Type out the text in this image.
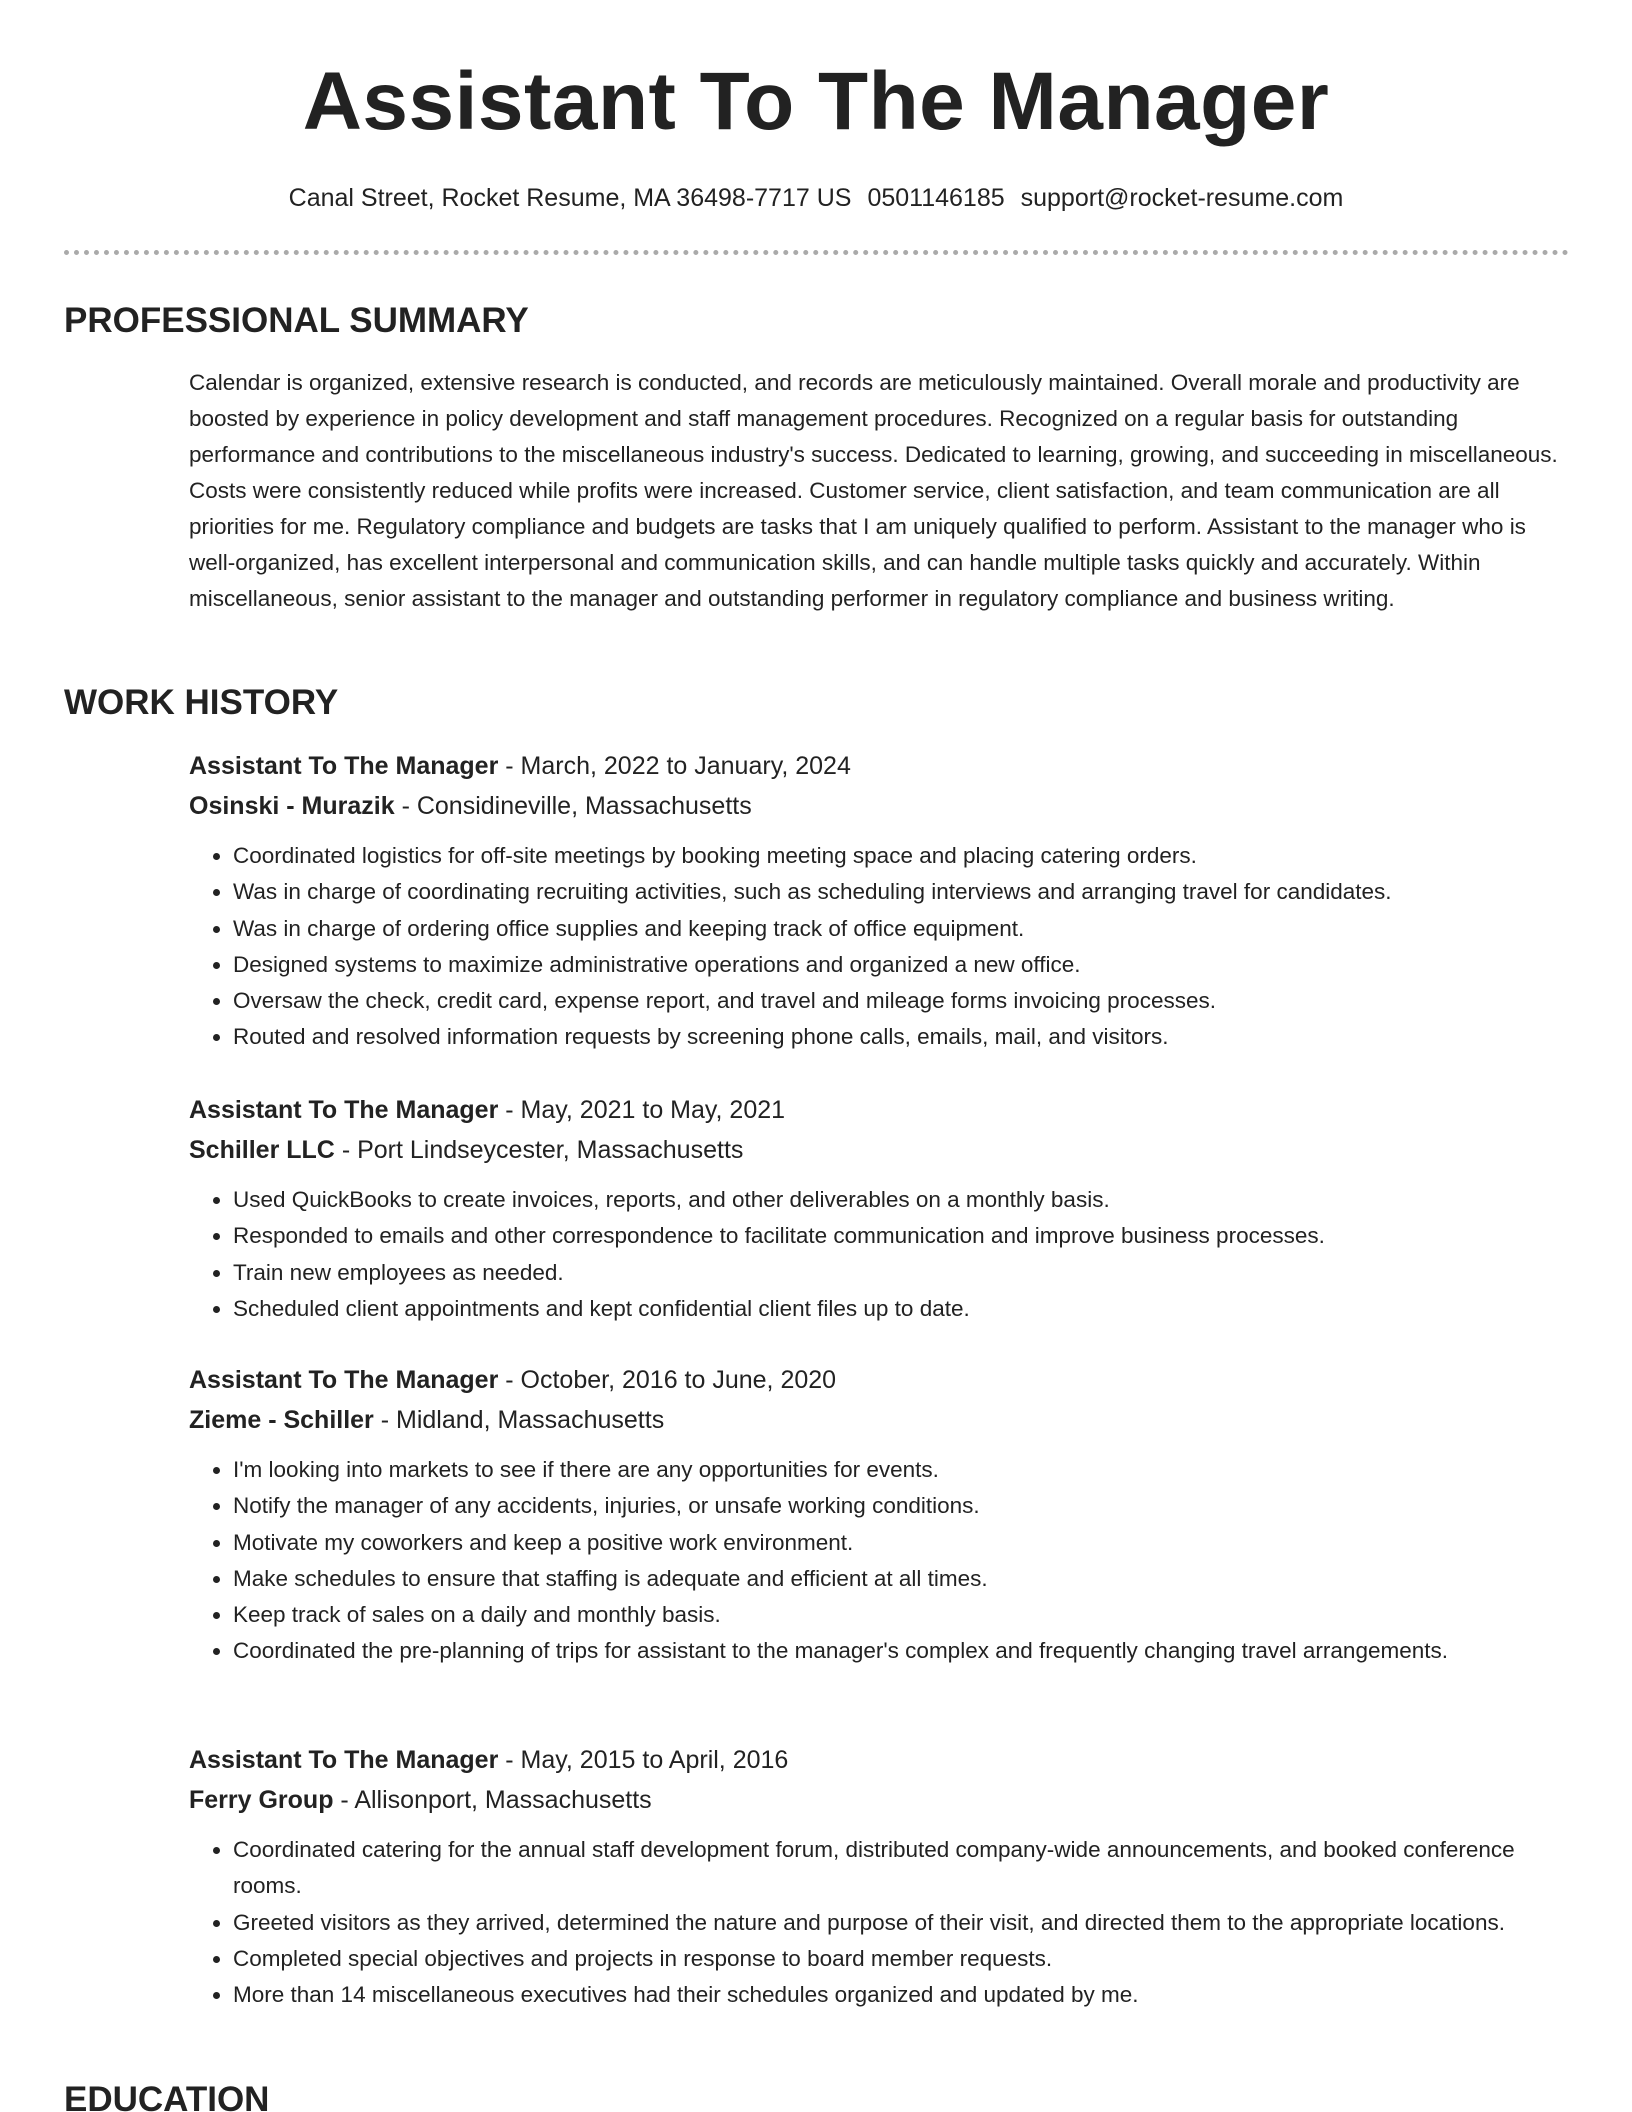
Assistant To The Manager
Canal Street, Rocket Resume, MA 36498-7717 US 0501146185 support@rocket-resume.com
PROFESSIONAL SUMMARY

Calendar is organized, extensive research is conducted, and records are meticulously maintained. Overall morale and productivity are boosted by experience in policy development and staff management procedures. Recognized on a regular basis for outstanding performance and contributions to the miscellaneous industry's success. Dedicated to learning, growing, and succeeding in miscellaneous. Costs were consistently reduced while profits were increased. Customer service, client satisfaction, and team communication are all priorities for me. Regulatory compliance and budgets are tasks that I am uniquely qualified to perform. Assistant to the manager who is well-organized, has excellent interpersonal and communication skills, and can handle multiple tasks quickly and accurately. Within miscellaneous, senior assistant to the manager and outstanding performer in regulatory compliance and business writing.

WORK HISTORY

Assistant To The Manager - March, 2022 to January, 2024

Osinski - Murazik - Considineville, Massachusetts

• Coordinated logistics for off-site meetings by booking meeting space and placing catering orders.
• Was in charge of coordinating recruiting activities, such as scheduling interviews and arranging travel for candidates.
• Was in charge of ordering office supplies and keeping track of office equipment.
• Designed systems to maximize administrative operations and organized a new office.
• Oversaw the check, credit card, expense report, and travel and mileage forms invoicing processes.
• Routed and resolved information requests by screening phone calls, emails, mail, and visitors.

Assistant To The Manager - May, 2021 to May, 2021

Schiller LLC - Port Lindseycester, Massachusetts

• Used QuickBooks to create invoices, reports, and other deliverables on a monthly basis.
• Responded to emails and other correspondence to facilitate communication and improve business processes.
• Train new employees as needed.
• Scheduled client appointments and kept confidential client files up to date.

Assistant To The Manager - October, 2016 to June, 2020

Zieme - Schiller - Midland, Massachusetts

• I'm looking into markets to see if there are any opportunities for events.
• Notify the manager of any accidents, injuries, or unsafe working conditions.
• Motivate my coworkers and keep a positive work environment.
• Make schedules to ensure that staffing is adequate and efficient at all times.
• Keep track of sales on a daily and monthly basis.
• Coordinated the pre-planning of trips for assistant to the manager's complex and frequently changing travel arrangements.

Assistant To The Manager - May, 2015 to April, 2016

Ferry Group - Allisonport, Massachusetts

• Coordinated catering for the annual staff development forum, distributed company-wide announcements, and booked conference rooms.
• Greeted visitors as they arrived, determined the nature and purpose of their visit, and directed them to the appropriate locations.
• Completed special objectives and projects in response to board member requests.
• More than 14 miscellaneous executives had their schedules organized and updated by me.
EDUCATION
